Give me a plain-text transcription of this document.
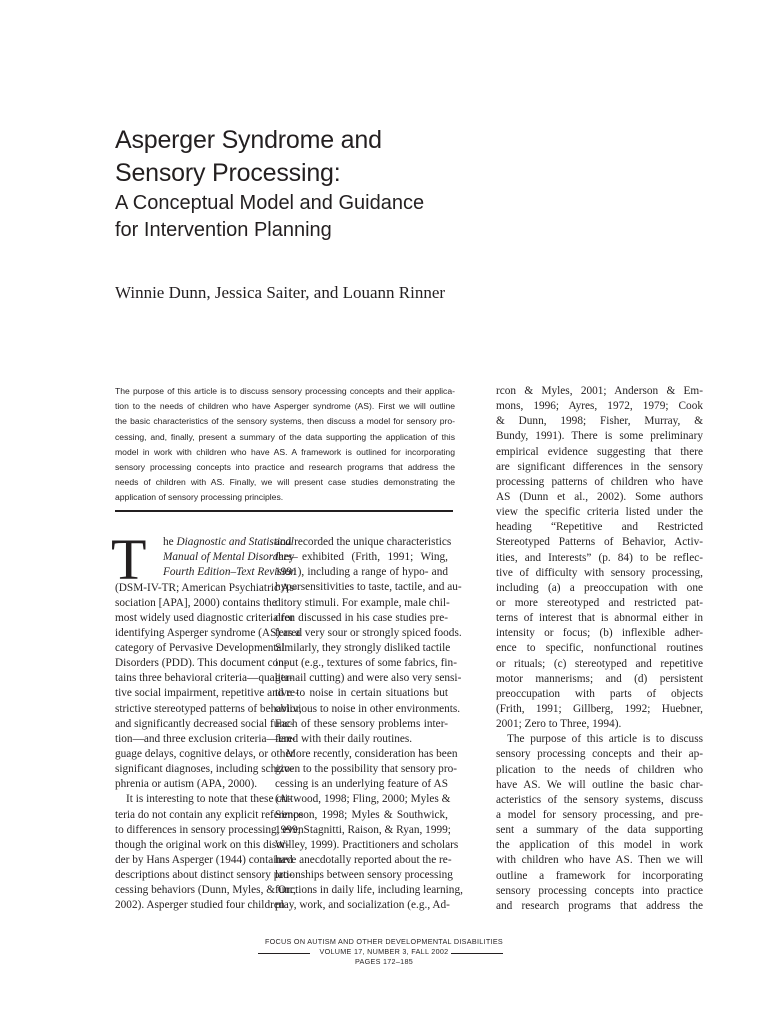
Asperger Syndrome and
Sensory Processing:
A Conceptual Model and Guidance
for Intervention Planning
Winnie Dunn, Jessica Saiter, and Louann Rinner
The purpose of this article is to discuss sensory processing concepts and their applica-
tion to the needs of children who have Asperger syndrome (AS). First we will outline
the basic characteristics of the sensory systems, then discuss a model for sensory pro-
cessing, and, finally, present a summary of the data supporting the application of this
model in work with children who have AS. A framework is outlined for incorporating
sensory processing concepts into practice and research programs that address the
needs of children with AS. Finally, we will present case studies demonstrating the
application of sensory processing principles.
T he Diagnostic and Statistical
Manual of Mental Disorders–
Fourth Edition–Text Revision
(DSM-IV-TR; American Psychiatric As-
sociation [APA], 2000) contains the
most widely used diagnostic criteria for
identifying Asperger syndrome (AS) as a
category of Pervasive Developmental
Disorders (PDD). This document con-
tains three behavioral criteria—qualita-
tive social impairment, repetitive and re-
strictive stereotyped patterns of behavior,
and significantly decreased social func-
tion—and three exclusion criteria—lan-
guage delays, cognitive delays, or other
significant diagnoses, including schizo-
phrenia or autism (APA, 2000).
It is interesting to note that these cri-
teria do not contain any explicit reference
to differences in sensory processing, even
though the original work on this disor-
der by Hans Asperger (1944) contained
descriptions about distinct sensory pro-
cessing behaviors (Dunn, Myles, & Orr,
2002). Asperger studied four children
and recorded the unique characteristics
they exhibited (Frith, 1991; Wing,
1991), including a range of hypo- and
hypersensitivities to taste, tactile, and au-
ditory stimuli. For example, male chil-
dren discussed in his case studies pre-
ferred very sour or strongly spiced foods.
Similarly, they strongly disliked tactile
input (e.g., textures of some fabrics, fin-
gernail cutting) and were also very sensi-
tive to noise in certain situations but
oblivious to noise in other environments.
Each of these sensory problems inter-
fered with their daily routines.
More recently, consideration has been
given to the possibility that sensory pro-
cessing is an underlying feature of AS
(Attwood, 1998; Fling, 2000; Myles &
Simpson, 1998; Myles & Southwick,
1999; Stagnitti, Raison, & Ryan, 1999;
Willey, 1999). Practitioners and scholars
have anecdotally reported about the re-
lationships between sensory processing
functions in daily life, including learning,
play, work, and socialization (e.g., Ad-
rcon & Myles, 2001; Anderson & Em-
mons, 1996; Ayres, 1972, 1979; Cook
& Dunn, 1998; Fisher, Murray, &
Bundy, 1991). There is some preliminary
empirical evidence suggesting that there
are significant differences in the sensory
processing patterns of children who have
AS (Dunn et al., 2002). Some authors
view the specific criteria listed under the
heading “Repetitive and Restricted
Stereotyped Patterns of Behavior, Activ-
ities, and Interests” (p. 84) to be reflec-
tive of difficulty with sensory processing,
including (a) a preoccupation with one
or more stereotyped and restricted pat-
terns of interest that is abnormal either in
intensity or focus; (b) inflexible adher-
ence to specific, nonfunctional routines
or rituals; (c) stereotyped and repetitive
motor mannerisms; and (d) persistent
preoccupation with parts of objects
(Frith, 1991; Gillberg, 1992; Huebner,
2001; Zero to Three, 1994).
The purpose of this article is to discuss
sensory processing concepts and their ap-
plication to the needs of children who
have AS. We will outline the basic char-
acteristics of the sensory systems, discuss
a model for sensory processing, and pre-
sent a summary of the data supporting
the application of this model in work
with children who have AS. Then we will
outline a framework for incorporating
sensory processing concepts into practice
and research programs that address the
FOCUS ON AUTISM AND OTHER DEVELOPMENTAL DISABILITIES
VOLUME 17, NUMBER 3, FALL 2002
PAGES 172–185
